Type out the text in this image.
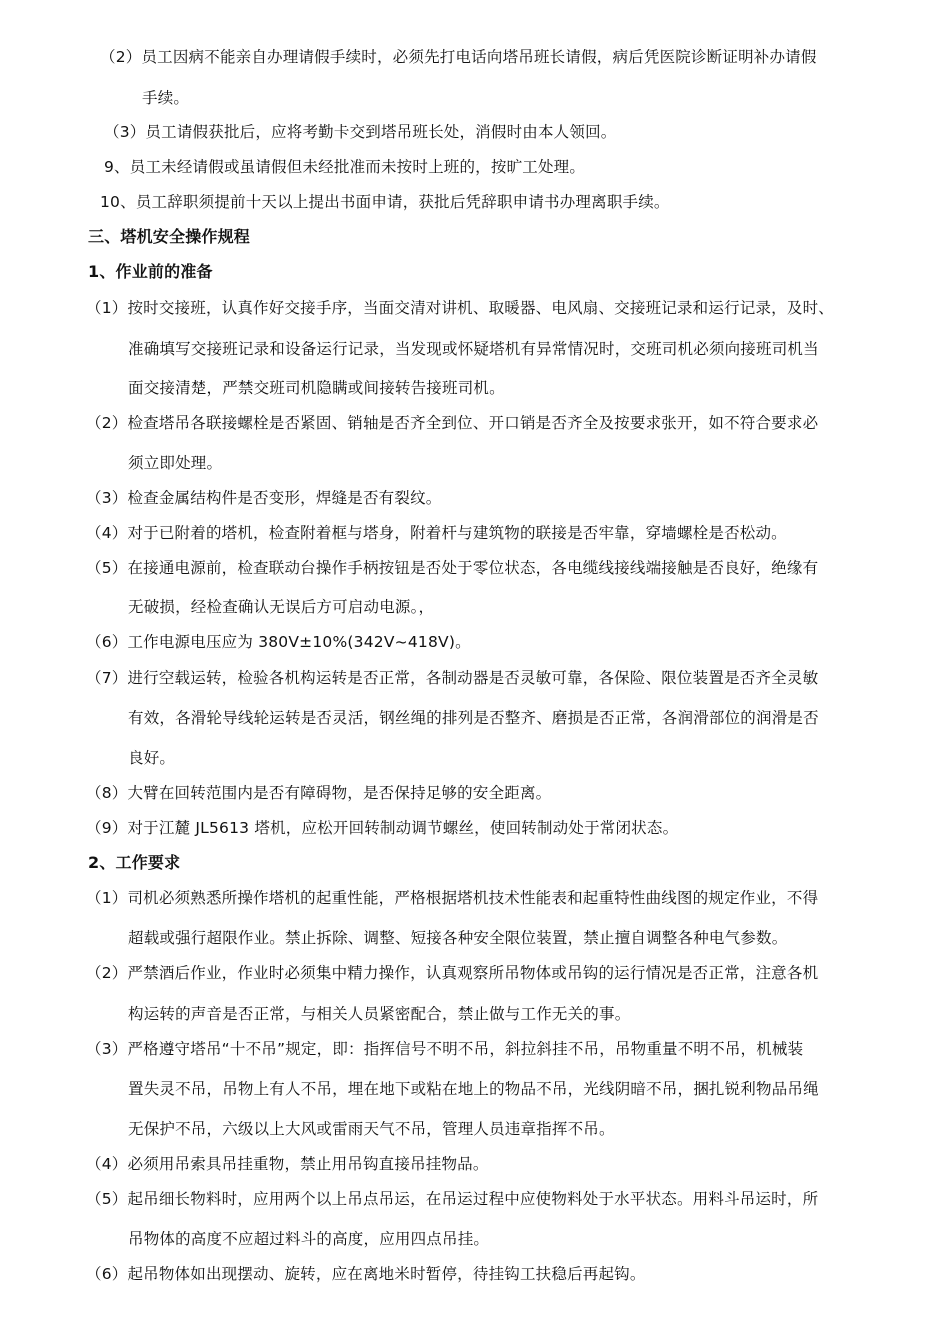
（2）员工因病不能亲自办理请假手续时，必须先打电话向塔吊班长请假，病后凭医院诊断证明补办请假
手续。
（3）员工请假获批后，应将考勤卡交到塔吊班长处，消假时由本人领回。
9、员工未经请假或虽请假但未经批准而未按时上班的，按旷工处理。
10、员工辞职须提前十天以上提出书面申请，获批后凭辞职申请书办理离职手续。
三、塔机安全操作规程
1、作业前的准备
（1）按时交接班，认真作好交接手序，当面交清对讲机、取暖器、电风扇、交接班记录和运行记录，及时、
准确填写交接班记录和设备运行记录，当发现或怀疑塔机有异常情况时，交班司机必须向接班司机当
面交接清楚，严禁交班司机隐瞒或间接转告接班司机。
（2）检查塔吊各联接螺栓是否紧固、销轴是否齐全到位、开口销是否齐全及按要求张开，如不符合要求必
须立即处理。
（3）检查金属结构件是否变形，焊缝是否有裂纹。
（4）对于已附着的塔机，检查附着框与塔身，附着杆与建筑物的联接是否牢靠，穿墙螺栓是否松动。
（5）在接通电源前，检查联动台操作手柄按钮是否处于零位状态，各电缆线接线端接触是否良好，绝缘有
无破损，经检查确认无误后方可启动电源。，
（6）工作电源电压应为 380V±10%(342V~418V)。
（7）进行空载运转，检验各机构运转是否正常，各制动器是否灵敏可靠，各保险、限位装置是否齐全灵敏
有效，各滑轮导线轮运转是否灵活，钢丝绳的排列是否整齐、磨损是否正常，各润滑部位的润滑是否
良好。
（8）大臂在回转范围内是否有障碍物，是否保持足够的安全距离。
（9）对于江麓 JL5613 塔机，应松开回转制动调节螺丝，使回转制动处于常闭状态。
2、工作要求
（1）司机必须熟悉所操作塔机的起重性能，严格根据塔机技术性能表和起重特性曲线图的规定作业，不得
超载或强行超限作业。禁止拆除、调整、短接各种安全限位装置，禁止擅自调整各种电气参数。
（2）严禁酒后作业，作业时必须集中精力操作，认真观察所吊物体或吊钩的运行情况是否正常，注意各机
构运转的声音是否正常，与相关人员紧密配合，禁止做与工作无关的事。
（3）严格遵守塔吊“十不吊”规定，即：指挥信号不明不吊，斜拉斜挂不吊，吊物重量不明不吊，机械装
置失灵不吊，吊物上有人不吊，埋在地下或粘在地上的物品不吊，光线阴暗不吊，捆扎锐利物品吊绳
无保护不吊，六级以上大风或雷雨天气不吊，管理人员违章指挥不吊。
（4）必须用吊索具吊挂重物，禁止用吊钩直接吊挂物品。
（5）起吊细长物料时，应用两个以上吊点吊运，在吊运过程中应使物料处于水平状态。用料斗吊运时，所
吊物体的高度不应超过料斗的高度，应用四点吊挂。
（6）起吊物体如出现摆动、旋转，应在离地米时暂停，待挂钩工扶稳后再起钩。
